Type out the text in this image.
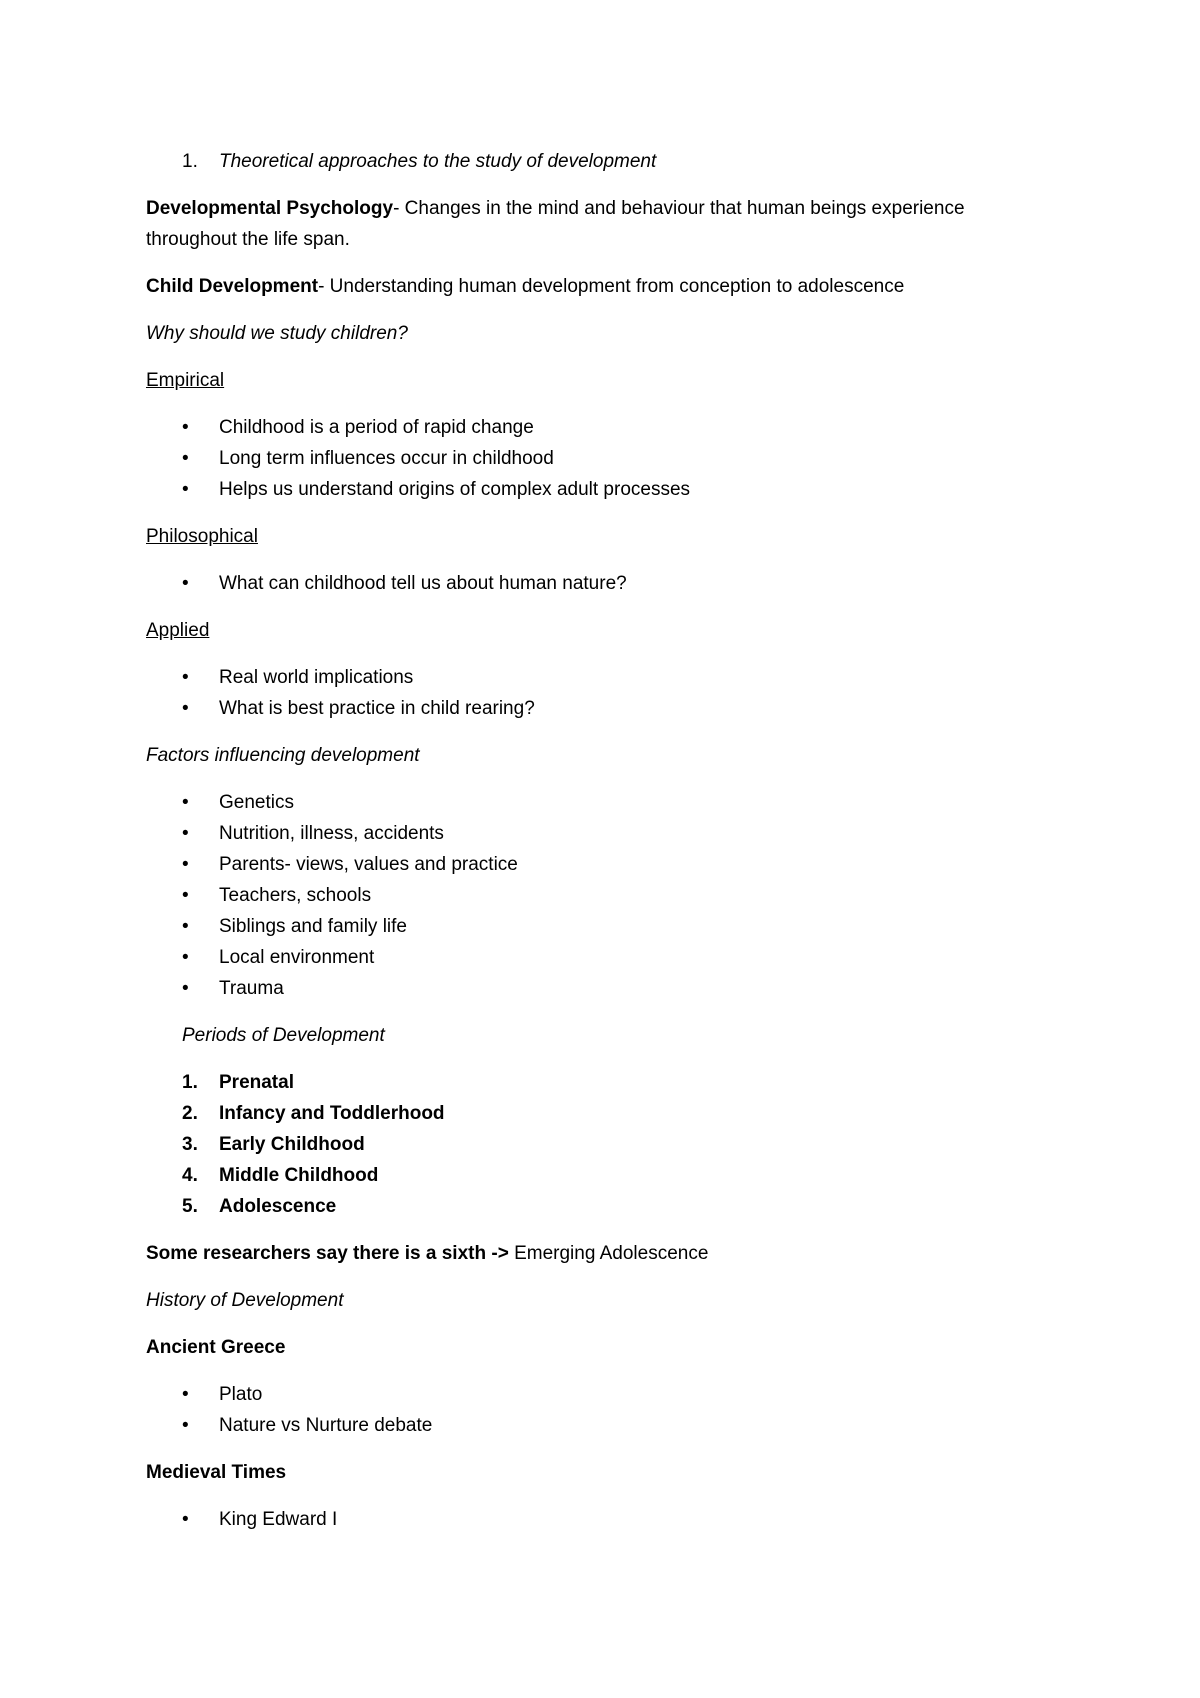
1. Theoretical approaches to the study of development

Developmental Psychology- Changes in the mind and behaviour that human beings experience throughout the life span.

Child Development- Understanding human development from conception to adolescence

Why should we study children?

Empirical

• Childhood is a period of rapid change
• Long term influences occur in childhood
• Helps us understand origins of complex adult processes

Philosophical

• What can childhood tell us about human nature?

Applied

• Real world implications
• What is best practice in child rearing?

Factors influencing development

• Genetics
• Nutrition, illness, accidents
• Parents- views, values and practice
• Teachers, schools
• Siblings and family life
• Local environment
• Trauma

Periods of Development

1. Prenatal
2. Infancy and Toddlerhood
3. Early Childhood
4. Middle Childhood
5. Adolescence

Some researchers say there is a sixth -> Emerging Adolescence

History of Development

Ancient Greece

• Plato
• Nature vs Nurture debate

Medieval Times

• King Edward I
